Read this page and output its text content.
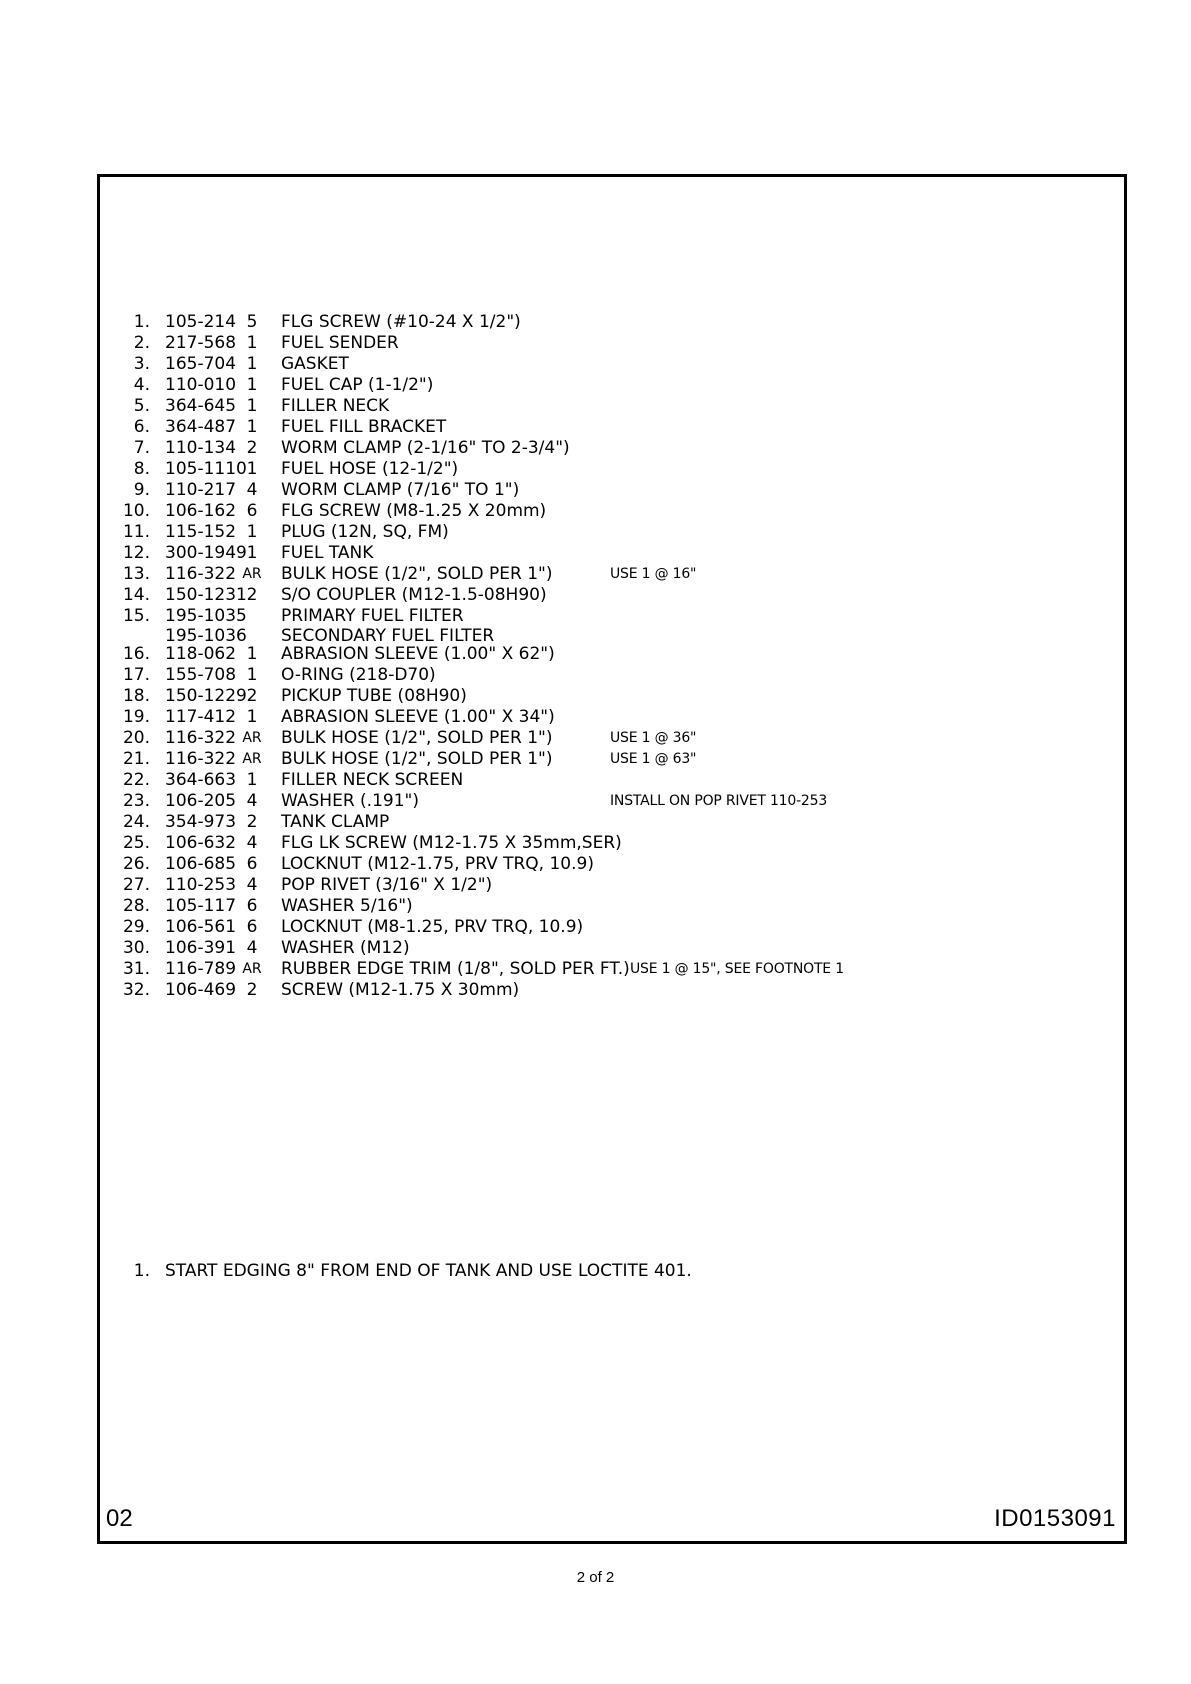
1. 105-214 5	FLG SCREW (#10-24 X 1/2")
2. 217-568 1	FUEL SENDER
3. 165-704 1	GASKET
4. 110-010 1	FUEL CAP (1-1/2")
5. 364-645 1	FILLER NECK
6. 364-487 1	FUEL FILL BRACKET
7. 110-134 2	WORM CLAMP (2-1/16" TO 2-3/4")
8. 105-1110 1	FUEL HOSE (12-1/2")
9. 110-217 4	WORM CLAMP (7/16" TO 1")
10. 106-162 6	FLG SCREW (M8-1.25 X 20mm)
11. 115-152 1	PLUG (12N, SQ, FM)
12. 300-1949 1	FUEL TANK
13. 116-322 AR	BULK HOSE (1/2", SOLD PER 1")	USE 1 @ 16"
14. 150-1231 2	S/O COUPLER (M12-1.5-08H90)
15. 195-1035 PRIMARY FUEL FILTER
195-1036 SECONDARY FUEL FILTER
16. 118-062 1	ABRASION SLEEVE (1.00" X 62")
17. 155-708 1	O-RING (218-D70)
18. 150-1229 2	PICKUP TUBE (08H90)
19. 117-412 1	ABRASION SLEEVE (1.00" X 34")
20. 116-322 AR	BULK HOSE (1/2", SOLD PER 1")	USE 1 @ 36"
21. 116-322 AR	BULK HOSE (1/2", SOLD PER 1")	USE 1 @ 63"
22. 364-663 1	FILLER NECK SCREEN
23. 106-205 4	WASHER (.191")	INSTALL ON POP RIVET 110-253
24. 354-973 2	TANK CLAMP
25. 106-632 4	FLG LK SCREW (M12-1.75 X 35mm,SER)
26. 106-685 6	LOCKNUT (M12-1.75, PRV TRQ, 10.9)
27. 110-253 4	POP RIVET (3/16" X 1/2")
28. 105-117 6	WASHER 5/16")
29. 106-561 6	LOCKNUT (M8-1.25, PRV TRQ, 10.9)
30. 106-391 4	WASHER (M12)
31. 116-789 AR	RUBBER EDGE TRIM (1/8", SOLD PER FT.) USE 1 @ 15", SEE FOOTNOTE 1
32. 106-469 2	SCREW (M12-1.75 X 30mm)
1. START EDGING 8" FROM END OF TANK AND USE LOCTITE 401.
02	ID0153091
2 of 2
